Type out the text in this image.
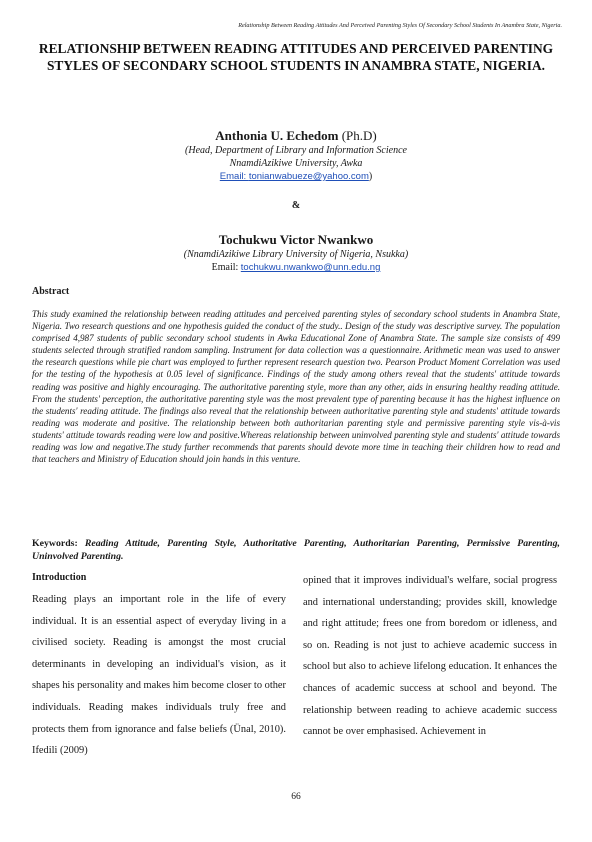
Relationship Between Reading Attitudes And Perceived Parenting Styles Of Secondary School Students In Anambra State, Nigeria.
RELATIONSHIP BETWEEN READING ATTITUDES AND PERCEIVED PARENTING STYLES OF SECONDARY SCHOOL STUDENTS IN ANAMBRA STATE, NIGERIA.
Anthonia U. Echedom (Ph.D)
(Head, Department of Library and Information Science
NnamdiAzikiwe University, Awka
Email: tonianwabueze@yahoo.com)
&
Tochukwu Victor Nwankwo
(NnamdiAzikiwe Library University of Nigeria, Nsukka)
Email: tochukwu.nwankwo@unn.edu.ng
Abstract
This study examined the relationship between reading attitudes and perceived parenting styles of secondary school students in Anambra State, Nigeria. Two research questions and one hypothesis guided the conduct of the study.. Design of the study was descriptive survey. The population comprised 4,987 students of public secondary school students in Awka Educational Zone of Anambra State. The sample size consists of 499 students selected through stratified random sampling. Instrument for data collection was a questionnaire. Arithmetic mean was used to answer the research questions while pie chart was employed to further represent research question two. Pearson Product Moment Correlation was used for the testing of the hypothesis at 0.05 level of significance. Findings of the study among others reveal that the students' attitude towards reading was positive and highly encouraging. The authoritative parenting style, more than any other, aids in ensuring healthy reading attitude. From the students' perception, the authoritative parenting style was the most prevalent type of parenting because it has the highest influence on the students' reading attitude. The findings also reveal that the relationship between authoritative parenting style and students' attitude towards reading was moderate and positive. The relationship between both authoritarian parenting style and permissive parenting style vis-à-vis students' attitude towards reading were low and positive.Whereas relationship between uninvolved parenting style and students' attitude towards reading was low and negative.The study further recommends that parents should devote more time in teaching their children how to read and that teachers and Ministry of Education should join hands in this venture.
Keywords: Reading Attitude, Parenting Style, Authoritative Parenting, Authoritarian Parenting, Permissive Parenting, Uninvolved Parenting.
Introduction

Reading plays an important role in the life of every individual. It is an essential aspect of everyday living in a civilised society. Reading is amongst the most crucial determinants in developing an individual's vision, as it shapes his personality and makes him become closer to other individuals. Reading makes individuals truly free and protects them from ignorance and false beliefs (Ünal, 2010). Ifedili (2009)

opined that it improves individual's welfare, social progress and international understanding; provides skill, knowledge and right attitude; frees one from boredom or idleness, and so on. Reading is not just to achieve academic success in school but also to achieve lifelong education. It enhances the chances of academic success at school and beyond. The relationship between reading to achieve academic success cannot be over emphasised. Achievement in

66
